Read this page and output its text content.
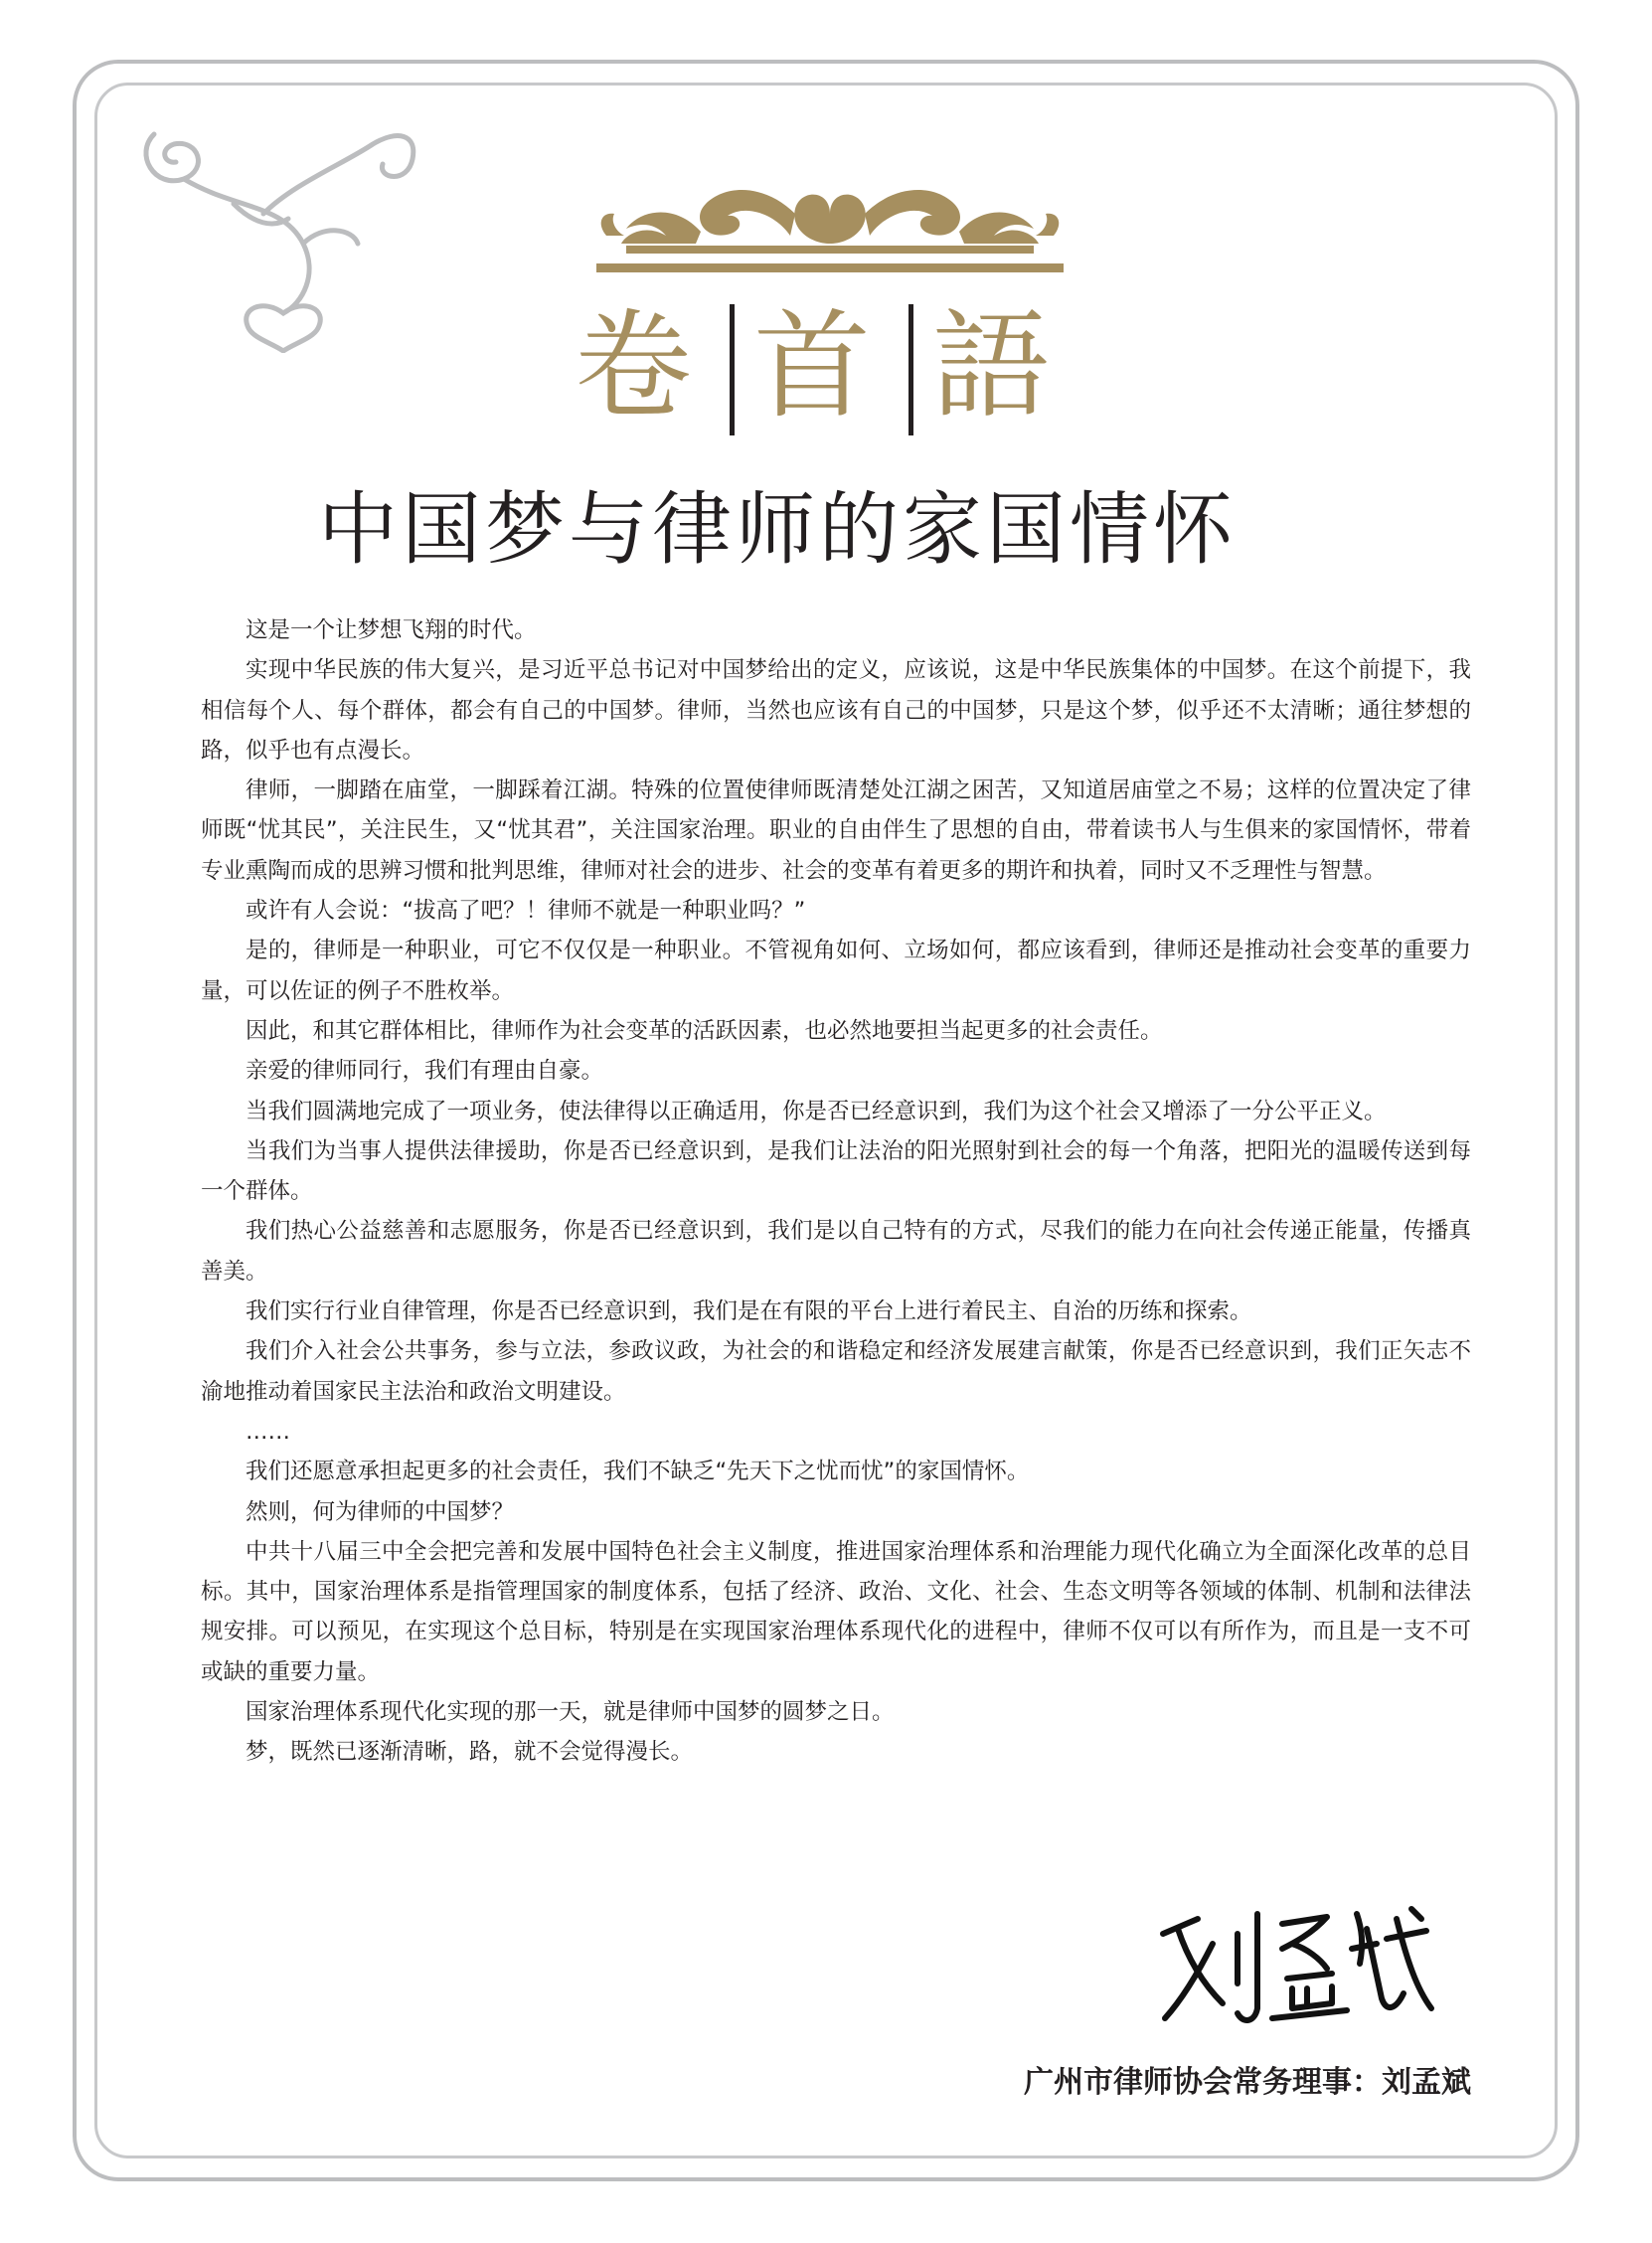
卷 首 語
中国梦与律师的家国情怀

这是一个让梦想飞翔的时代。

实现中华民族的伟大复兴，是习近平总书记对中国梦给出的定义，应该说，这是中华民族集体的中国梦。在这个前提下，我相信每个人、每个群体，都会有自己的中国梦。律师，当然也应该有自己的中国梦，只是这个梦，似乎还不太清晰；通往梦想的路，似乎也有点漫长。

律师，一脚踏在庙堂，一脚踩着江湖。特殊的位置使律师既清楚处江湖之困苦，又知道居庙堂之不易；这样的位置决定了律师既“忧其民”，关注民生，又“忧其君”，关注国家治理。职业的自由伴生了思想的自由，带着读书人与生俱来的家国情怀，带着专业熏陶而成的思辨习惯和批判思维，律师对社会的进步、社会的变革有着更多的期许和执着，同时又不乏理性与智慧。

或许有人会说：“拔高了吧？！律师不就是一种职业吗？”

是的，律师是一种职业，可它不仅仅是一种职业。不管视角如何、立场如何，都应该看到，律师还是推动社会变革的重要力量，可以佐证的例子不胜枚举。

因此，和其它群体相比，律师作为社会变革的活跃因素，也必然地要担当起更多的社会责任。

亲爱的律师同行，我们有理由自豪。

当我们圆满地完成了一项业务，使法律得以正确适用，你是否已经意识到，我们为这个社会又增添了一分公平正义。

当我们为当事人提供法律援助，你是否已经意识到，是我们让法治的阳光照射到社会的每一个角落，把阳光的温暖传送到每一个群体。

我们热心公益慈善和志愿服务，你是否已经意识到，我们是以自己特有的方式，尽我们的能力在向社会传递正能量，传播真善美。

我们实行行业自律管理，你是否已经意识到，我们是在有限的平台上进行着民主、自治的历练和探索。

我们介入社会公共事务，参与立法，参政议政，为社会的和谐稳定和经济发展建言献策，你是否已经意识到，我们正矢志不渝地推动着国家民主法治和政治文明建设。

……

我们还愿意承担起更多的社会责任，我们不缺乏“先天下之忧而忧”的家国情怀。

然则，何为律师的中国梦？

中共十八届三中全会把完善和发展中国特色社会主义制度，推进国家治理体系和治理能力现代化确立为全面深化改革的总目标。其中，国家治理体系是指管理国家的制度体系，包括了经济、政治、文化、社会、生态文明等各领域的体制、机制和法律法规安排。可以预见，在实现这个总目标，特别是在实现国家治理体系现代化的进程中，律师不仅可以有所作为，而且是一支不可或缺的重要力量。

国家治理体系现代化实现的那一天，就是律师中国梦的圆梦之日。

梦，既然已逐渐清晰，路，就不会觉得漫长。

广州市律师协会常务理事：刘孟斌
